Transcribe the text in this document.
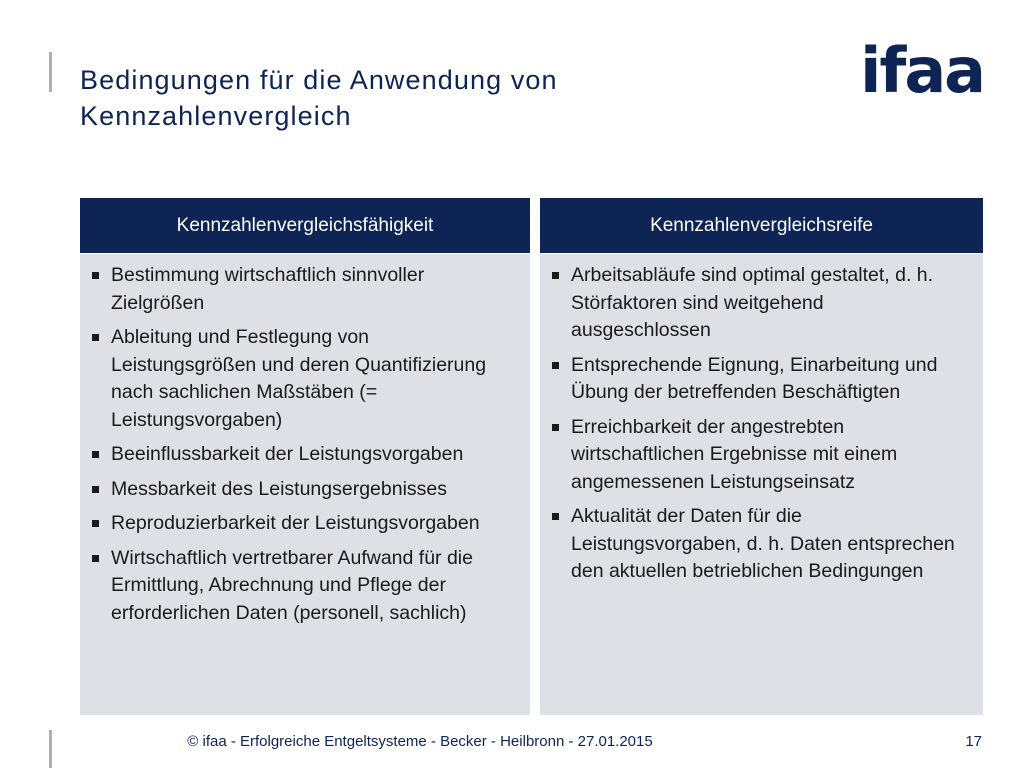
Bedingungen für die Anwendung von
Kennzahlenvergleich
ifaa
Kennzahlenvergleichsfähigkeit
Bestimmung wirtschaftlich sinnvoller Zielgrößen
Ableitung und Festlegung von Leistungsgrößen und deren Quantifizierung nach sachlichen Maßstäben (= Leistungsvorgaben)
Beeinflussbarkeit der Leistungsvorgaben
Messbarkeit des Leistungsergebnisses
Reproduzierbarkeit der Leistungsvorgaben
Wirtschaftlich vertretbarer Aufwand für die Ermittlung, Abrechnung und Pflege der erforderlichen Daten (personell, sachlich)
Kennzahlenvergleichsreife
Arbeitsabläufe sind optimal gestaltet, d. h. Störfaktoren sind weitgehend ausgeschlossen
Entsprechende Eignung, Einarbeitung und Übung der betreffenden Beschäftigten
Erreichbarkeit der angestrebten wirtschaftlichen Ergebnisse mit einem angemessenen Leistungseinsatz
Aktualität der Daten für die Leistungsvorgaben, d. h. Daten entsprechen den aktuellen betrieblichen Bedingungen
© ifaa - Erfolgreiche Entgeltsysteme - Becker - Heilbronn - 27.01.2015	17
